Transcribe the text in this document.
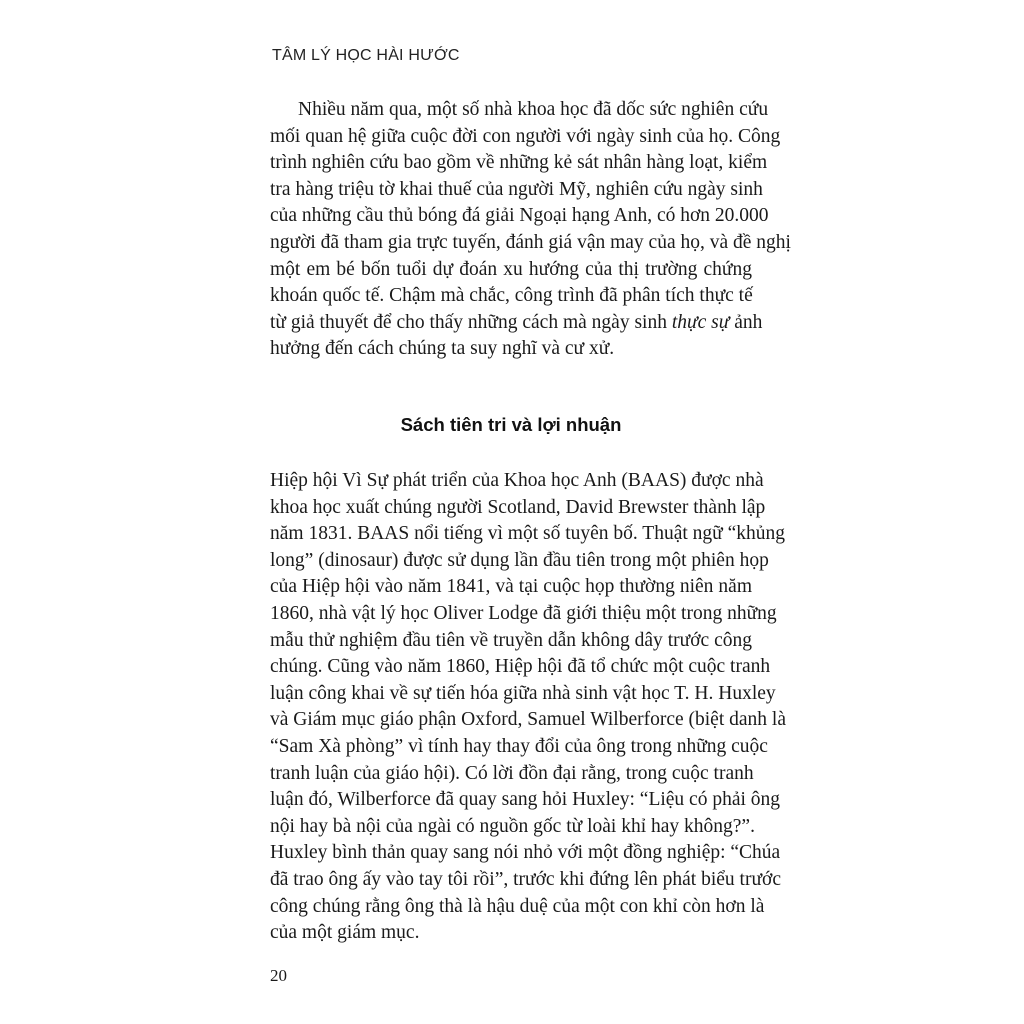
TÂM LÝ HỌC HÀI HƯỚC
Nhiều năm qua, một số nhà khoa học đã dốc sức nghiên cứu
mối quan hệ giữa cuộc đời con người với ngày sinh của họ. Công
trình nghiên cứu bao gồm về những kẻ sát nhân hàng loạt, kiểm
tra hàng triệu tờ khai thuế của người Mỹ, nghiên cứu ngày sinh
của những cầu thủ bóng đá giải Ngoại hạng Anh, có hơn 20.000
người đã tham gia trực tuyến, đánh giá vận may của họ, và đề nghị
một em bé bốn tuổi dự đoán xu hướng của thị trường chứng
khoán quốc tế. Chậm mà chắc, công trình đã phân tích thực tế
từ giả thuyết để cho thấy những cách mà ngày sinh thực sự ảnh
hưởng đến cách chúng ta suy nghĩ và cư xử.
Sách tiên tri và lợi nhuận
Hiệp hội Vì Sự phát triển của Khoa học Anh (BAAS) được nhà
khoa học xuất chúng người Scotland, David Brewster thành lập
năm 1831. BAAS nổi tiếng vì một số tuyên bố. Thuật ngữ “khủng
long” (dinosaur) được sử dụng lần đầu tiên trong một phiên họp
của Hiệp hội vào năm 1841, và tại cuộc họp thường niên năm
1860, nhà vật lý học Oliver Lodge đã giới thiệu một trong những
mẫu thử nghiệm đầu tiên về truyền dẫn không dây trước công
chúng. Cũng vào năm 1860, Hiệp hội đã tổ chức một cuộc tranh
luận công khai về sự tiến hóa giữa nhà sinh vật học T. H. Huxley
và Giám mục giáo phận Oxford, Samuel Wilberforce (biệt danh là
“Sam Xà phòng” vì tính hay thay đổi của ông trong những cuộc
tranh luận của giáo hội). Có lời đồn đại rằng, trong cuộc tranh
luận đó, Wilberforce đã quay sang hỏi Huxley: “Liệu có phải ông
nội hay bà nội của ngài có nguồn gốc từ loài khỉ hay không?”.
Huxley bình thản quay sang nói nhỏ với một đồng nghiệp: “Chúa
đã trao ông ấy vào tay tôi rồi”, trước khi đứng lên phát biểu trước
công chúng rằng ông thà là hậu duệ của một con khỉ còn hơn là
của một giám mục.
20
